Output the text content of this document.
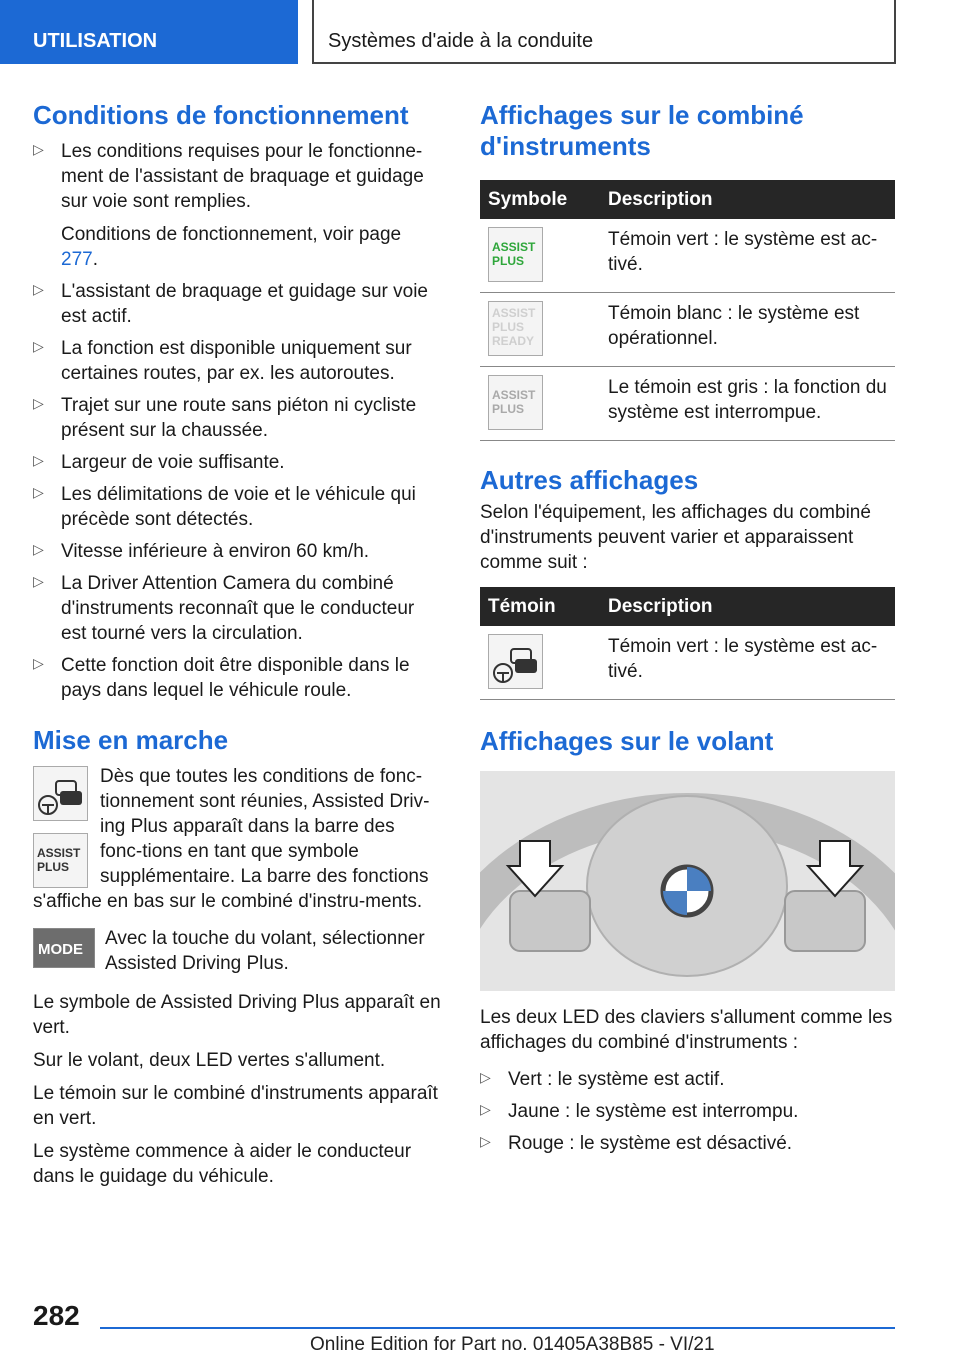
UTILISATION	Systèmes d'aide à la conduite
Conditions de fonctionnement
▷ Les conditions requises pour le fonctionne-ment de l'assistant de braquage et guidage sur voie sont remplies.
Conditions de fonctionnement, voir page 277.
▷ L'assistant de braquage et guidage sur voie est actif.
▷ La fonction est disponible uniquement sur certaines routes, par ex. les autoroutes.
▷ Trajet sur une route sans piéton ni cycliste présent sur la chaussée.
▷ Largeur de voie suffisante.
▷ Les délimitations de voie et le véhicule qui précède sont détectés.
▷ Vitesse inférieure à environ 60 km/h.
▷ La Driver Attention Camera du combiné d'instruments reconnaît que le conducteur est tourné vers la circulation.
▷ Cette fonction doit être disponible dans le pays dans lequel le véhicule roule.
Mise en marche
ASSIST
PLUS

Dès que toutes les conditions de fonc-tionnement sont réunies, Assisted Driv-ing Plus apparaît dans la barre des fonc-tions en tant que symbole supplémentaire. La barre des fonctions s'affiche en bas sur le combiné d'instru-ments.

MODE

Avec la touche du volant, sélectionner Assisted Driving Plus.

Le symbole de Assisted Driving Plus apparaît en vert.

Sur le volant, deux LED vertes s'allument.

Le témoin sur le combiné d'instruments apparaît en vert.

Le système commence à aider le conducteur dans le guidage du véhicule.

Affichages sur le combiné d'instruments
Symbole	Description

ASSIST
PLUS	Témoin vert : le système est ac-tivé.

ASSIST
PLUS
READY	Témoin blanc : le système est opérationnel.

ASSIST
PLUS	Le témoin est gris : la fonction du système est interrompue.
Autres affichages

Selon l'équipement, les affichages du combiné d'instruments peuvent varier et apparaissent comme suit :

Témoin	Description

	Témoin vert : le système est ac-tivé.
Affichages sur le volant

Les deux LED des claviers s'allument comme les affichages du combiné d'instruments :

▷ Vert : le système est actif.
▷ Jaune : le système est interrompu.
▷ Rouge : le système est désactivé.
282
Online Edition for Part no. 01405A38B85 - VI/21
